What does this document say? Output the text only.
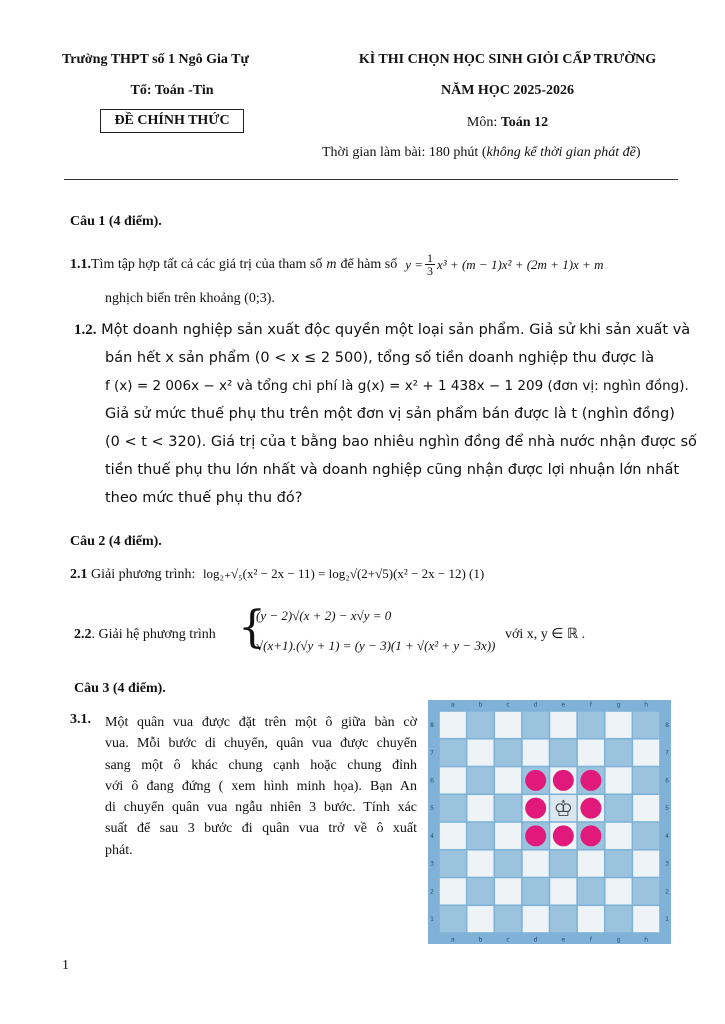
Trường THPT số 1 Ngô Gia Tự
Tổ: Toán -Tin
ĐỀ CHÍNH THỨC
KÌ THI CHỌN HỌC SINH GIỎI CẤP TRƯỜNG
NĂM HỌC 2025-2026
Môn: Toán 12
Thời gian làm bài: 180 phút (không kể thời gian phát đề)
Câu 1 (4 điểm).
1.1. Tìm tập hợp tất cả các giá trị của tham số m để hàm số $y = \frac{1}{3} x^3 + (m - 1)x^2 + (2m + 1)x + m$
nghịch biến trên khoảng (0;3).
1.2. Một doanh nghiệp sản xuất độc quyền một loại sản phẩm. Giả sử khi sản xuất và
bán hết x sản phẩm (0 < x ≤ 2 500), tổng số tiền doanh nghiệp thu được là
f (x) = 2 006x − x² và tổng chi phí là g(x) = x² + 1 438x − 1 209 (đơn vị: nghìn đồng).
Giả sử mức thuế phụ thu trên một đơn vị sản phẩm bán được là t (nghìn đồng)
(0 < t < 320). Giá trị của t bằng bao nhiêu nghìn đồng để nhà nước nhận được số
tiền thuế phụ thu lớn nhất và doanh nghiệp cũng nhận được lợi nhuận lớn nhất
theo mức thuế phụ thu đó?
Câu 2 (4 điểm).
2.1 Giải phương trình: log₂₊√₅(x² − 2x − 11) = log₂√(2+√5)(x² − 2x − 12) (1)
2.2. Giải hệ phương trình {
(y − 2)√(x + 2) − x√y = 0
√(x+1).(√y + 1) = (y − 3)(1 + √(x² + y − 3x))
với x, y ∈ ℝ .
Câu 3 (4 điểm).
3.1. Một quân vua được đặt trên một ô giữa bàn cờ
vua. Mỗi bước di chuyển, quân vua được chuyển
sang một ô khác chung cạnh hoặc chung đỉnh
với ô đang đứng ( xem hình minh họa). Bạn An
di chuyển quân vua ngẫu nhiên 3 bước. Tính xác
suất để sau 3 bước đi quân vua trở về ô xuất
phát.
a
a
b
b
c
c
d
d
e
e
f
f
g
g
h
h
8	8
7	7
6	6
5	5
4	4
3	3
2	2
1	1
♔
1
